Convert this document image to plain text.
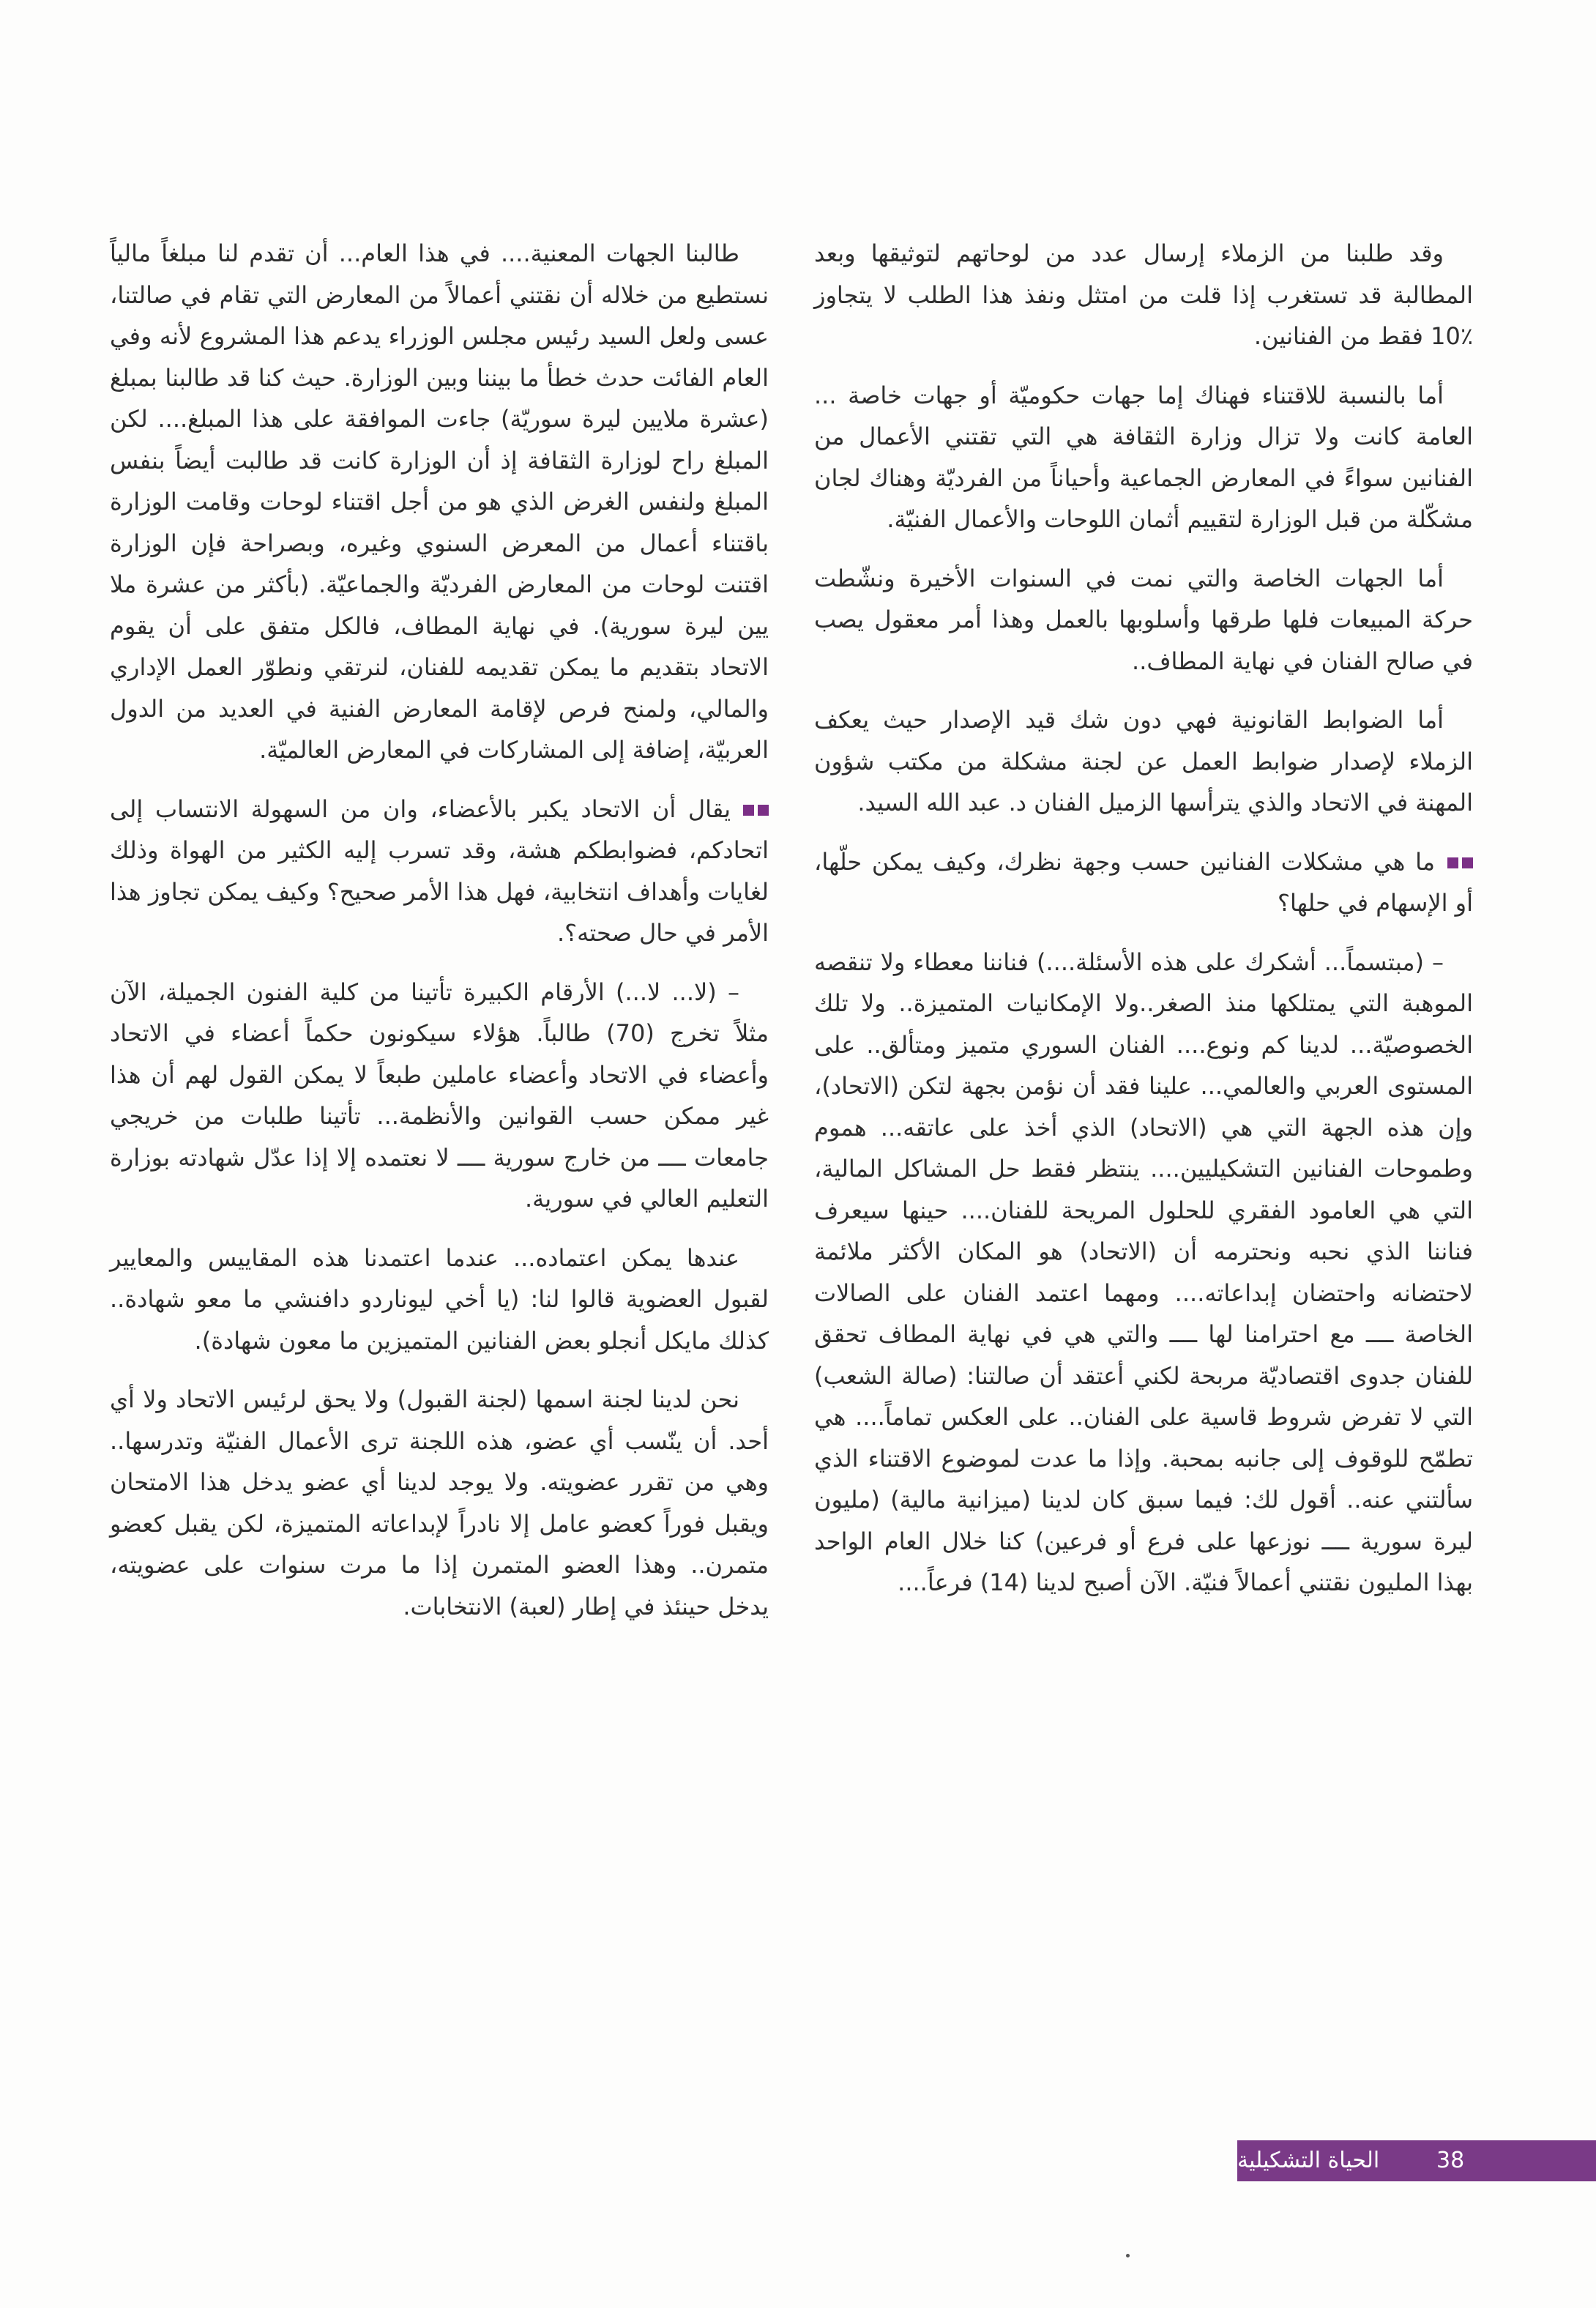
وقد طلبنا من الزملاء إرسال عدد من لوحاتهم لتوثيقها وبعد المطالبة قد تستغرب إذا قلت من امتثل ونفذ هذا الطلب لا يتجاوز ٪10 فقط من الفنانين.

أما بالنسبة للاقتناء فهناك إما جهات حكوميّة أو جهات خاصة ... العامة كانت ولا تزال وزارة الثقافة هي التي تقتني الأعمال من الفنانين سواءً في المعارض الجماعية وأحياناً من الفرديّة وهناك لجان مشكّلة من قبل الوزارة لتقييم أثمان اللوحات والأعمال الفنيّة.

أما الجهات الخاصة والتي نمت في السنوات الأخيرة ونشّطت حركة المبيعات فلها طرقها وأسلوبها بالعمل وهذا أمر معقول يصب في صالح الفنان في نهاية المطاف..

أما الضوابط القانونية فهي دون شك قيد الإصدار حيث يعكف الزملاء لإصدار ضوابط العمل عن لجنة مشكلة من مكتب شؤون المهنة في الاتحاد والذي يترأسها الزميل الفنان د. عبد الله السيد.

ما هي مشكلات الفنانين حسب وجهة نظرك، وكيف يمكن حلّها، أو الإسهام في حلها؟

– (مبتسماً... أشكرك على هذه الأسئلة....) فناننا معطاء ولا تنقصه الموهبة التي يمتلكها منذ الصغر..ولا الإمكانيات المتميزة.. ولا تلك الخصوصيّة... لدينا كم ونوع.... الفنان السوري متميز ومتألق.. على المستوى العربي والعالمي... علينا فقد أن نؤمن بجهة لتكن (الاتحاد)، وإن هذه الجهة التي هي (الاتحاد) الذي أخذ على عاتقه... هموم وطموحات الفنانين التشكيليين.... ينتظر فقط حل المشاكل المالية، التي هي العامود الفقري للحلول المريحة للفنان.... حينها سيعرف فناننا الذي نحبه ونحترمه أن (الاتحاد) هو المكان الأكثر ملائمة لاحتضانه واحتضان إبداعاته.... ومهما اعتمد الفنان على الصالات الخاصة ــــ مع احترامنا لها ــــ والتي هي في نهاية المطاف تحقق للفنان جدوى اقتصاديّة مربحة لكني أعتقد أن صالتنا: (صالة الشعب) التي لا تفرض شروط قاسية على الفنان.. على العكس تماماً.... هي تطمّح للوقوف إلى جانبه بمحبة. وإذا ما عدت لموضوع الاقتناء الذي سألتني عنه.. أقول لك: فيما سبق كان لدينا (ميزانية مالية) (مليون ليرة سورية ــــ نوزعها على فرع أو فرعين) كنا خلال العام الواحد بهذا المليون نقتني أعمالاً فنيّة. الآن أصبح لدينا (14) فرعاً....

طالبنا الجهات المعنية.... في هذا العام... أن تقدم لنا مبلغاً مالياً نستطيع من خلاله أن نقتني أعمالاً من المعارض التي تقام في صالتنا، عسى ولعل السيد رئيس مجلس الوزراء يدعم هذا المشروع لأنه وفي العام الفائت حدث خطأ ما بيننا وبين الوزارة. حيث كنا قد طالبنا بمبلغ (عشرة ملايين ليرة سوريّة) جاءت الموافقة على هذا المبلغ.... لكن المبلغ راح لوزارة الثقافة إذ أن الوزارة كانت قد طالبت أيضاً بنفس المبلغ ولنفس الغرض الذي هو من أجل اقتناء لوحات وقامت الوزارة باقتناء أعمال من المعرض السنوي وغيره، وبصراحة فإن الوزارة اقتنت لوحات من المعارض الفرديّة والجماعيّة. (بأكثر من عشرة ملا يين ليرة سورية). في نهاية المطاف، فالكل متفق على أن يقوم الاتحاد بتقديم ما يمكن تقديمه للفنان، لنرتقي ونطوّر العمل الإداري والمالي، ولمنح فرص لإقامة المعارض الفنية في العديد من الدول العربيّة، إضافة إلى المشاركات في المعارض العالميّة.

يقال أن الاتحاد يكبر بالأعضاء، وان من السهولة الانتساب إلى اتحادكم، فضوابطكم هشة، وقد تسرب إليه الكثير من الهواة وذلك لغايات وأهداف انتخابية، فهل هذا الأمر صحيح؟ وكيف يمكن تجاوز هذا الأمر في حال صحته؟.

– (لا... لا...) الأرقام الكبيرة تأتينا من كلية الفنون الجميلة، الآن مثلاً تخرج (70) طالباً. هؤلاء سيكونون حكماً أعضاء في الاتحاد وأعضاء في الاتحاد وأعضاء عاملين طبعاً لا يمكن القول لهم أن هذا غير ممكن حسب القوانين والأنظمة... تأتينا طلبات من خريجي جامعات ــــ من خارج سورية ــــ لا نعتمده إلا إذا عدّل شهادته بوزارة التعليم العالي في سورية.

عندها يمكن اعتماده... عندما اعتمدنا هذه المقاييس والمعايير لقبول العضوية قالوا لنا: (يا أخي ليوناردو دافنشي ما معو شهادة.. كذلك مايكل أنجلو بعض الفنانين المتميزين ما معون شهادة).

نحن لدينا لجنة اسمها (لجنة القبول) ولا يحق لرئيس الاتحاد ولا أي أحد. أن ينّسب أي عضو، هذه اللجنة ترى الأعمال الفنيّة وتدرسها.. وهي من تقرر عضويته. ولا يوجد لدينا أي عضو يدخل هذا الامتحان ويقبل فوراً كعضو عامل إلا نادراً لإبداعاته المتميزة، لكن يقبل كعضو متمرن.. وهذا العضو المتمرن إذا ما مرت سنوات على عضويته، يدخل حينئذ في إطار (لعبة) الانتخابات.

الحياة التشكيلية	38
